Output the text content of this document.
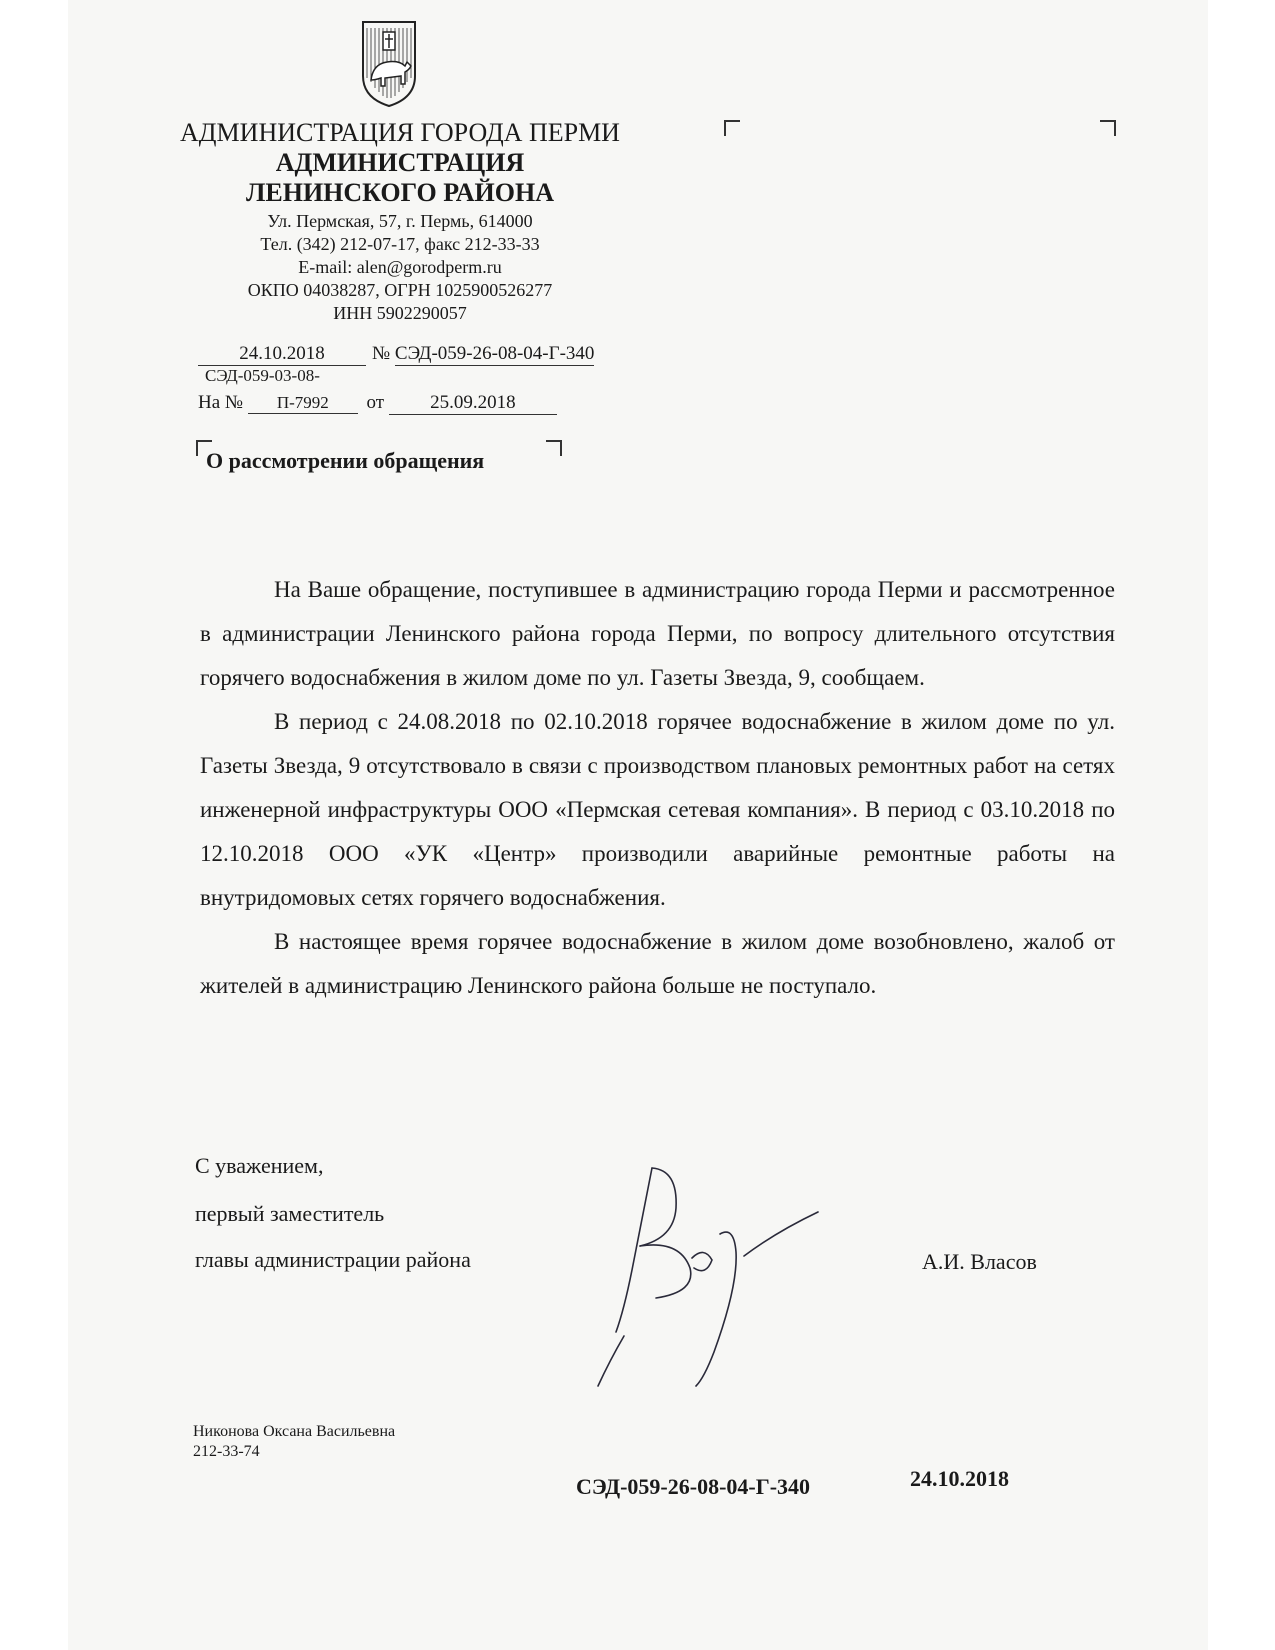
АДМИНИСТРАЦИЯ ГОРОДА ПЕРМИ
АДМИНИСТРАЦИЯ
ЛЕНИНСКОГО РАЙОНА
Ул. Пермская, 57, г. Пермь, 614000
Тел. (342) 212-07-17, факс 212-33-33
E-mail: alen@gorodperm.ru
ОКПО 04038287, ОГРН 1025900526277
ИНН 5902290057
24.10.2018	№ СЭД-059-26-08-04-Г-340
СЭД-059-03-08-
На № П-7992 от 25.09.2018
О рассмотрении обращения

На Ваше обращение, поступившее в администрацию города Перми и рассмотренное в администрации Ленинского района города Перми, по вопросу длительного отсутствия горячего водоснабжения в жилом доме по ул. Газеты Звезда, 9, сообщаем.

В период с 24.08.2018 по 02.10.2018 горячее водоснабжение в жилом доме по ул. Газеты Звезда, 9 отсутствовало в связи с производством плановых ремонтных работ на сетях инженерной инфраструктуры ООО «Пермская сетевая компания». В период с 03.10.2018 по 12.10.2018 ООО «УК «Центр» производили аварийные ремонтные работы на внутридомовых сетях горячего водоснабжения.

В настоящее время горячее водоснабжение в жилом доме возобновлено, жалоб от жителей в администрацию Ленинского района больше не поступало.

С уважением,
первый заместитель
главы администрации района	А.И. Власов
Никонова Оксана Васильевна
212-33-74
СЭД-059-26-08-04-Г-340	24.10.2018
